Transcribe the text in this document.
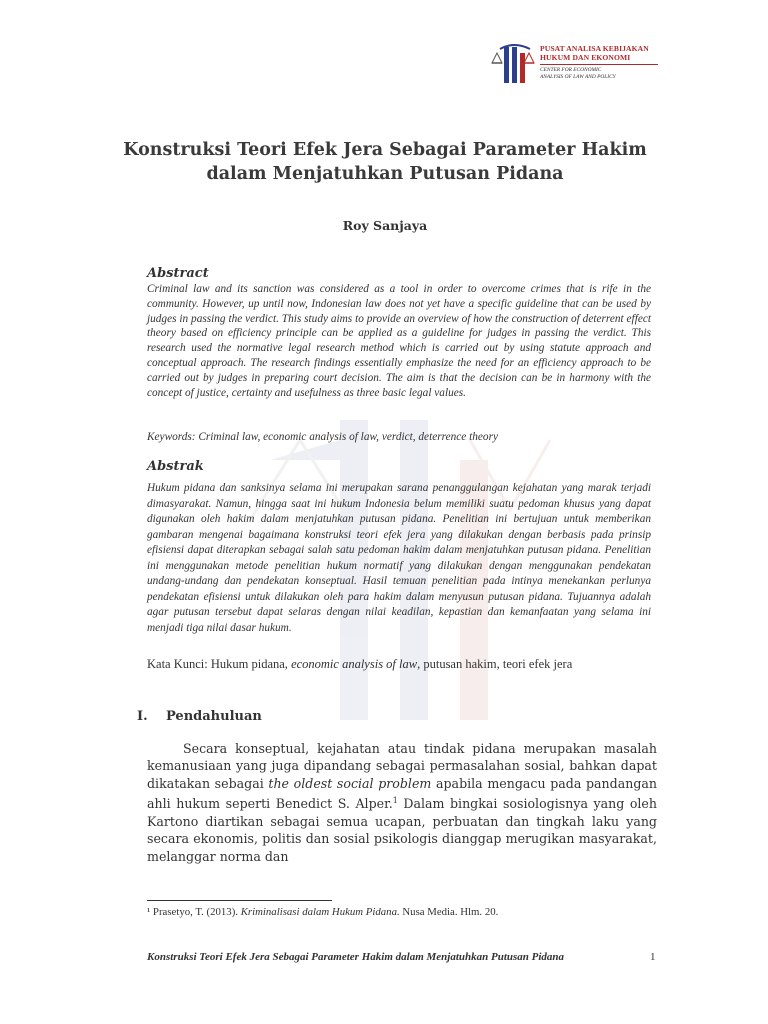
PUSAT ANALISA KEBIJAKAN
HUKUM DAN EKONOMI
CENTER FOR ECONOMIC
ANALYSIS OF LAW AND POLICY
Konstruksi Teori Efek Jera Sebagai Parameter Hakim
dalam Menjatuhkan Putusan Pidana
Roy Sanjaya
Abstract
Criminal law and its sanction was considered as a tool in order to overcome crimes that is rife in the community. However, up until now, Indonesian law does not yet have a specific guideline that can be used by judges in passing the verdict. This study aims to provide an overview of how the construction of deterrent effect theory based on efficiency principle can be applied as a guideline for judges in passing the verdict. This research used the normative legal research method which is carried out by using statute approach and conceptual approach. The research findings essentially emphasize the need for an efficiency approach to be carried out by judges in preparing court decision. The aim is that the decision can be in harmony with the concept of justice, certainty and usefulness as three basic legal values.
Keywords: Criminal law, economic analysis of law, verdict, deterrence theory
Abstrak
Hukum pidana dan sanksinya selama ini merupakan sarana penanggulangan kejahatan yang marak terjadi dimasyarakat. Namun, hingga saat ini hukum Indonesia belum memiliki suatu pedoman khusus yang dapat digunakan oleh hakim dalam menjatuhkan putusan pidana. Penelitian ini bertujuan untuk memberikan gambaran mengenai bagaimana konstruksi teori efek jera yang dilakukan dengan berbasis pada prinsip efisiensi dapat diterapkan sebagai salah satu pedoman hakim dalam menjatuhkan putusan pidana. Penelitian ini menggunakan metode penelitian hukum normatif yang dilakukan dengan menggunakan pendekatan undang-undang dan pendekatan konseptual. Hasil temuan penelitian pada intinya menekankan perlunya pendekatan efisiensi untuk dilakukan oleh para hakim dalam menyusun putusan pidana. Tujuannya adalah agar putusan tersebut dapat selaras dengan nilai keadilan, kepastian dan kemanfaatan yang selama ini menjadi tiga nilai dasar hukum.
Kata Kunci: Hukum pidana, economic analysis of law, putusan hakim, teori efek jera
I. Pendahuluan
Secara konseptual, kejahatan atau tindak pidana merupakan masalah kemanusiaan yang juga dipandang sebagai permasalahan sosial, bahkan dapat dikatakan sebagai the oldest social problem apabila mengacu pada pandangan ahli hukum seperti Benedict S. Alper.$^1$ Dalam bingkai sosiologisnya yang oleh Kartono diartikan sebagai semua ucapan, perbuatan dan tingkah laku yang secara ekonomis, politis dan sosial psikologis dianggap merugikan masyarakat, melanggar norma dan
¹ Prasetyo, T. (2013). Kriminalisasi dalam Hukum Pidana. Nusa Media. Hlm. 20.
Konstruksi Teori Efek Jera Sebagai Parameter Hakim dalam Menjatuhkan Putusan Pidana	1
